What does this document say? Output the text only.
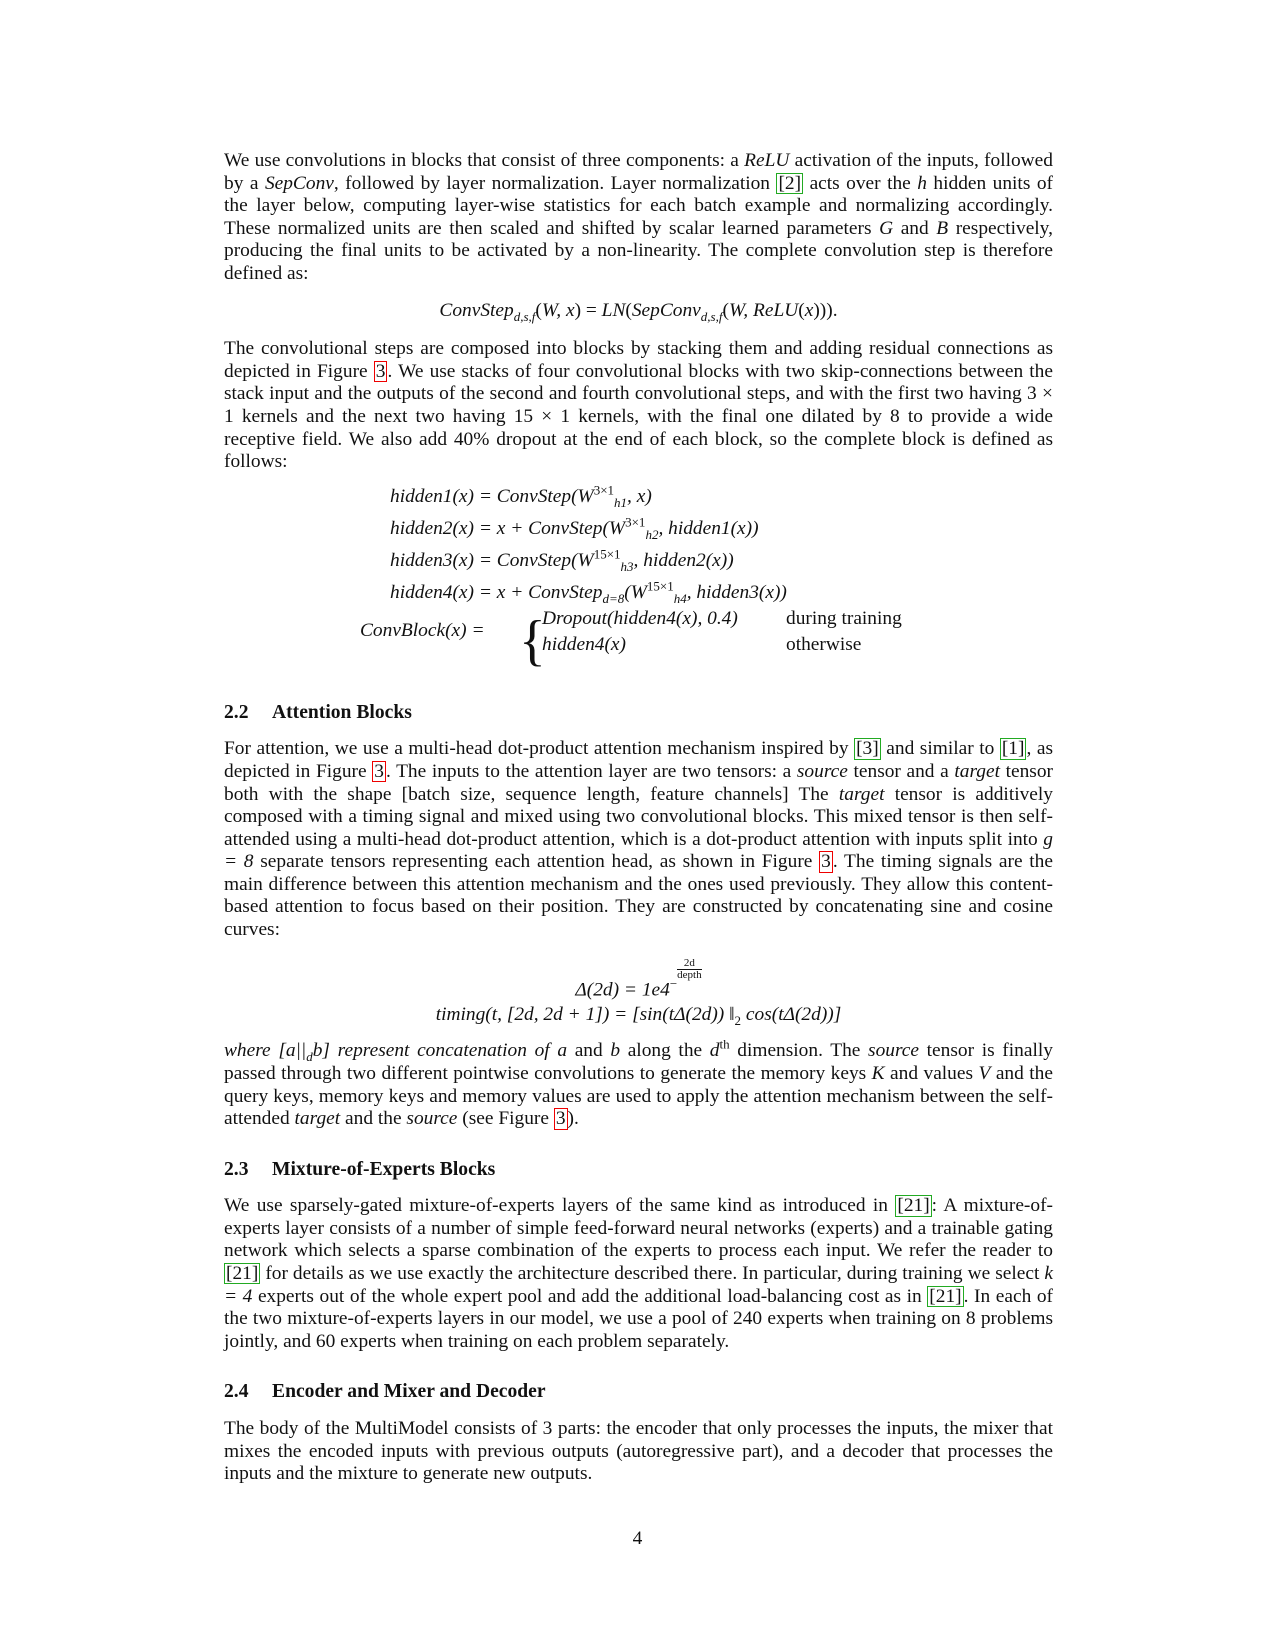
We use convolutions in blocks that consist of three components: a ReLU activation of the inputs, followed by a SepConv, followed by layer normalization. Layer normalization [2] acts over the h hidden units of the layer below, computing layer-wise statistics for each batch example and normalizing accordingly. These normalized units are then scaled and shifted by scalar learned parameters G and B respectively, producing the final units to be activated by a non-linearity. The complete convolution step is therefore defined as:

ConvStep$_{d,s,f}$(W, x) = LN(SepConv$_{d,s,f}$(W, ReLU(x))).

The convolutional steps are composed into blocks by stacking them and adding residual connections as depicted in Figure 3 . We use stacks of four convolutional blocks with two skip-connections between the stack input and the outputs of the second and fourth convolutional steps, and with the first two having 3 × 1 kernels and the next two having 15 × 1 kernels, with the final one dilated by 8 to provide a wide receptive field. We also add 40% dropout at the end of each block, so the complete block is defined as follows:

hidden1(x) = $ConvStep(W^{3\times 1}_{h1}$, x)
hidden2(x) = $x + ConvStep(W^{3\times 1}_{h2}$, hidden1(x))
hidden3(x) = $ConvStep(W^{15\times 1}_{h3}$, hidden2(x))
hidden4(x) = $x + ConvStep_{d=8}(W^{15\times 1}_{h4}$, hidden3(x))
ConvBlock(x) = {
Dropout(hidden4(x), 0.4) during training
hidden4(x)	otherwise
2.2 Attention Blocks

For attention, we use a multi-head dot-product attention mechanism inspired by [3] and similar to [1] , as depicted in Figure 3 . The inputs to the attention layer are two tensors: a source tensor and a target tensor both with the shape [batch size, sequence length, feature channels] The target tensor is additively composed with a timing signal and mixed using two convolutional blocks. This mixed tensor is then self-attended using a multi-head dot-product attention, which is a dot-product attention with inputs split into g = 8 separate tensors representing each attention head, as shown in Figure 3 . The timing signals are the main difference between this attention mechanism and the ones used previously. They allow this content-based attention to focus based on their position. They are constructed by concatenating sine and cosine curves:

$\Delta(2d) = 1e4^{- \frac{2d}{\text{depth}}}$
timing(t, [2d, 2d + 1]) = [sin(tΔ(2d)) $‖_2$ cos(tΔ(2d))]

where $[a||_db]$ represent concatenation of a and b along the $d^{th}$ dimension. The source tensor is finally passed through two different pointwise convolutions to generate the memory keys K and values V and the query keys, memory keys and memory values are used to apply the attention mechanism between the self-attended target and the source (see Figure 3 ).

2.3 Mixture-of-Experts Blocks

We use sparsely-gated mixture-of-experts layers of the same kind as introduced in [21] : A mixture-of-experts layer consists of a number of simple feed-forward neural networks (experts) and a trainable gating network which selects a sparse combination of the experts to process each input. We refer the reader to [21] for details as we use exactly the architecture described there. In particular, during training we select k = 4 experts out of the whole expert pool and add the additional load-balancing cost as in [21] . In each of the two mixture-of-experts layers in our model, we use a pool of 240 experts when training on 8 problems jointly, and 60 experts when training on each problem separately.

2.4 Encoder and Mixer and Decoder

The body of the MultiModel consists of 3 parts: the encoder that only processes the inputs, the mixer that mixes the encoded inputs with previous outputs (autoregressive part), and a decoder that processes the inputs and the mixture to generate new outputs.

4
